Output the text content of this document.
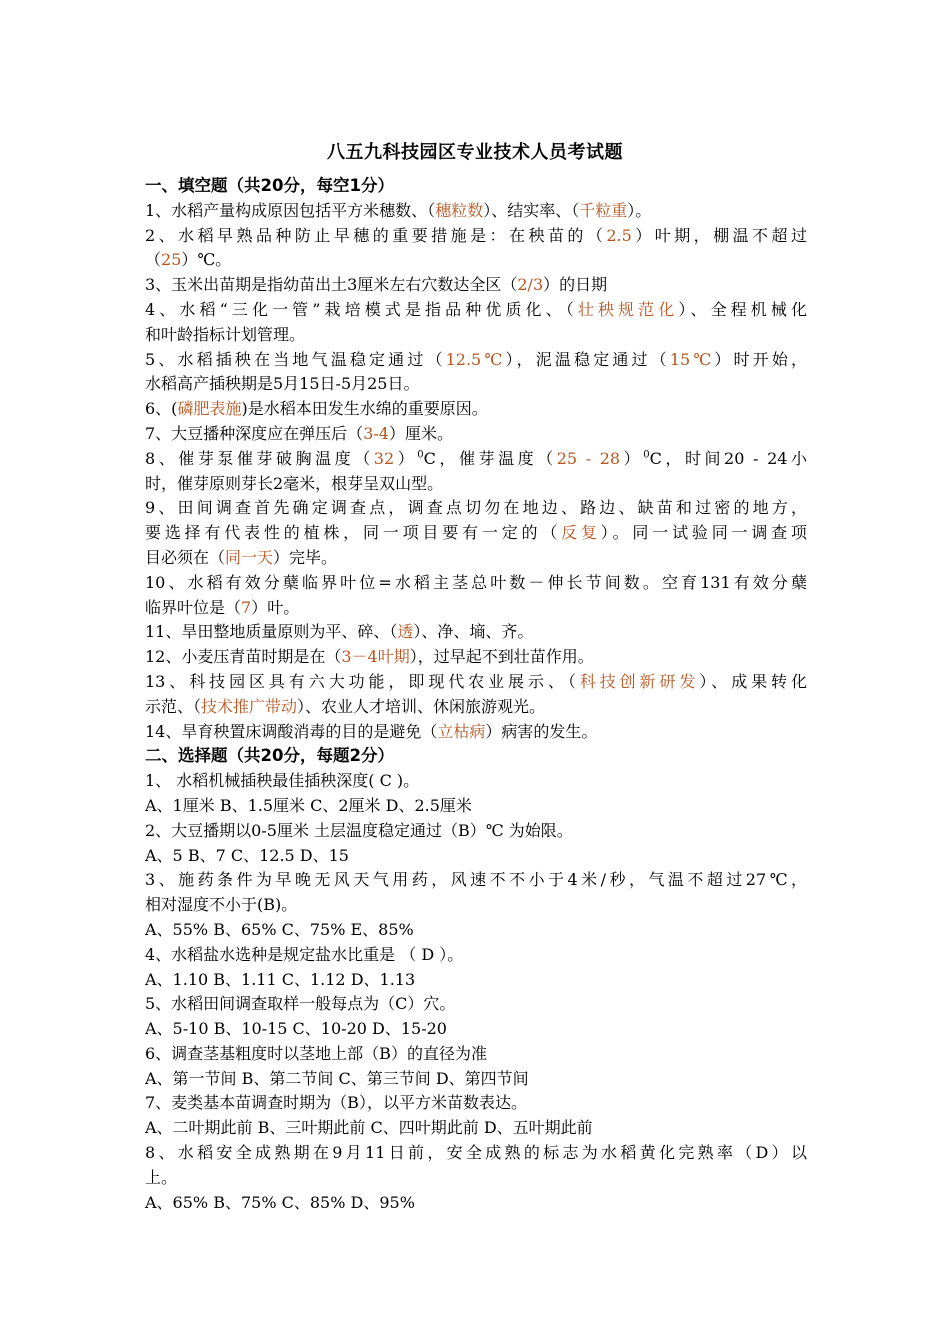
八五九科技园区专业技术人员考试题
一、填空题（共20分，每空1分）
1、水稻产量构成原因包括平方米穗数、（穗粒数）、结实率、（千粒重）。
2、水稻早熟品种防止早穗的重要措施是：在秧苗的（2.5）叶期，棚温不超过
（25）℃。
3、玉米出苗期是指幼苗出土3厘米左右穴数达全区（2/3）的日期
4、水稻“三化一管”栽培模式是指品种优质化、（壮秧规范化）、全程机械化
和叶龄指标计划管理。
5、水稻插秧在当地气温稳定通过（12.5℃），泥温稳定通过（15℃）时开始，
水稻高产插秧期是5月15日-5月25日。
6、(磷肥表施)是水稻本田发生水绵的重要原因。
7、大豆播种深度应在弹压后（3-4）厘米。
8、催芽泵催芽破胸温度$(32)^0C$，催芽温度（25 - 28）$^0$C，时间20 - 24小
时，催芽原则芽长2毫米，根芽呈双山型。
9、田间调查首先确定调查点，调查点切勿在地边、路边、缺苗和过密的地方，
要选择有代表性的植株，同一项目要有一定的（反复）。同一试验同一调查项
目必须在（同一天）完毕。
10、水稻有效分蘖临界叶位=水稻主茎总叶数－伸长节间数。空育131有效分蘖
临界叶位是（7）叶。
11、旱田整地质量原则为平、碎、（透）、净、墒、齐。
12、小麦压青苗时期是在（3－4叶期），过早起不到壮苗作用。
13、科技园区具有六大功能，即现代农业展示、（科技创新研发）、成果转化
示范、（技术推广带动）、农业人才培训、休闲旅游观光。
14、旱育秧置床调酸消毒的目的是避免（立枯病）病害的发生。
二、选择题（共20分，每题2分）
1、 水稻机械插秧最佳插秧深度( C )。
A、1厘米 B、1.5厘米 C、2厘米 D、2.5厘米
2、大豆播期以0-5厘米 土层温度稳定通过（B）℃ 为始限。
A、5 B、7 C、12.5 D、15
3、施药条件为早晚无风天气用药，风速不不小于4米/秒，气温不超过27℃，
相对湿度不小于(B)。
A、55% B、65% C、75% E、85%
4、水稻盐水选种是规定盐水比重是 （ D ）。
A、1.10 B、1.11 C、1.12 D、1.13
5、水稻田间调查取样一般每点为（C）穴。
A、5-10 B、10-15 C、10-20 D、15-20
6、调查茎基粗度时以茎地上部（B）的直径为准
A、第一节间 B、第二节间 C、第三节间 D、第四节间
7、麦类基本苗调查时期为（B），以平方米苗数表达。
A、二叶期此前 B、三叶期此前 C、四叶期此前 D、五叶期此前
8、水稻安全成熟期在9月11日前，安全成熟的标志为水稻黄化完熟率（D）以
上。
A、65% B、75% C、85% D、95%
